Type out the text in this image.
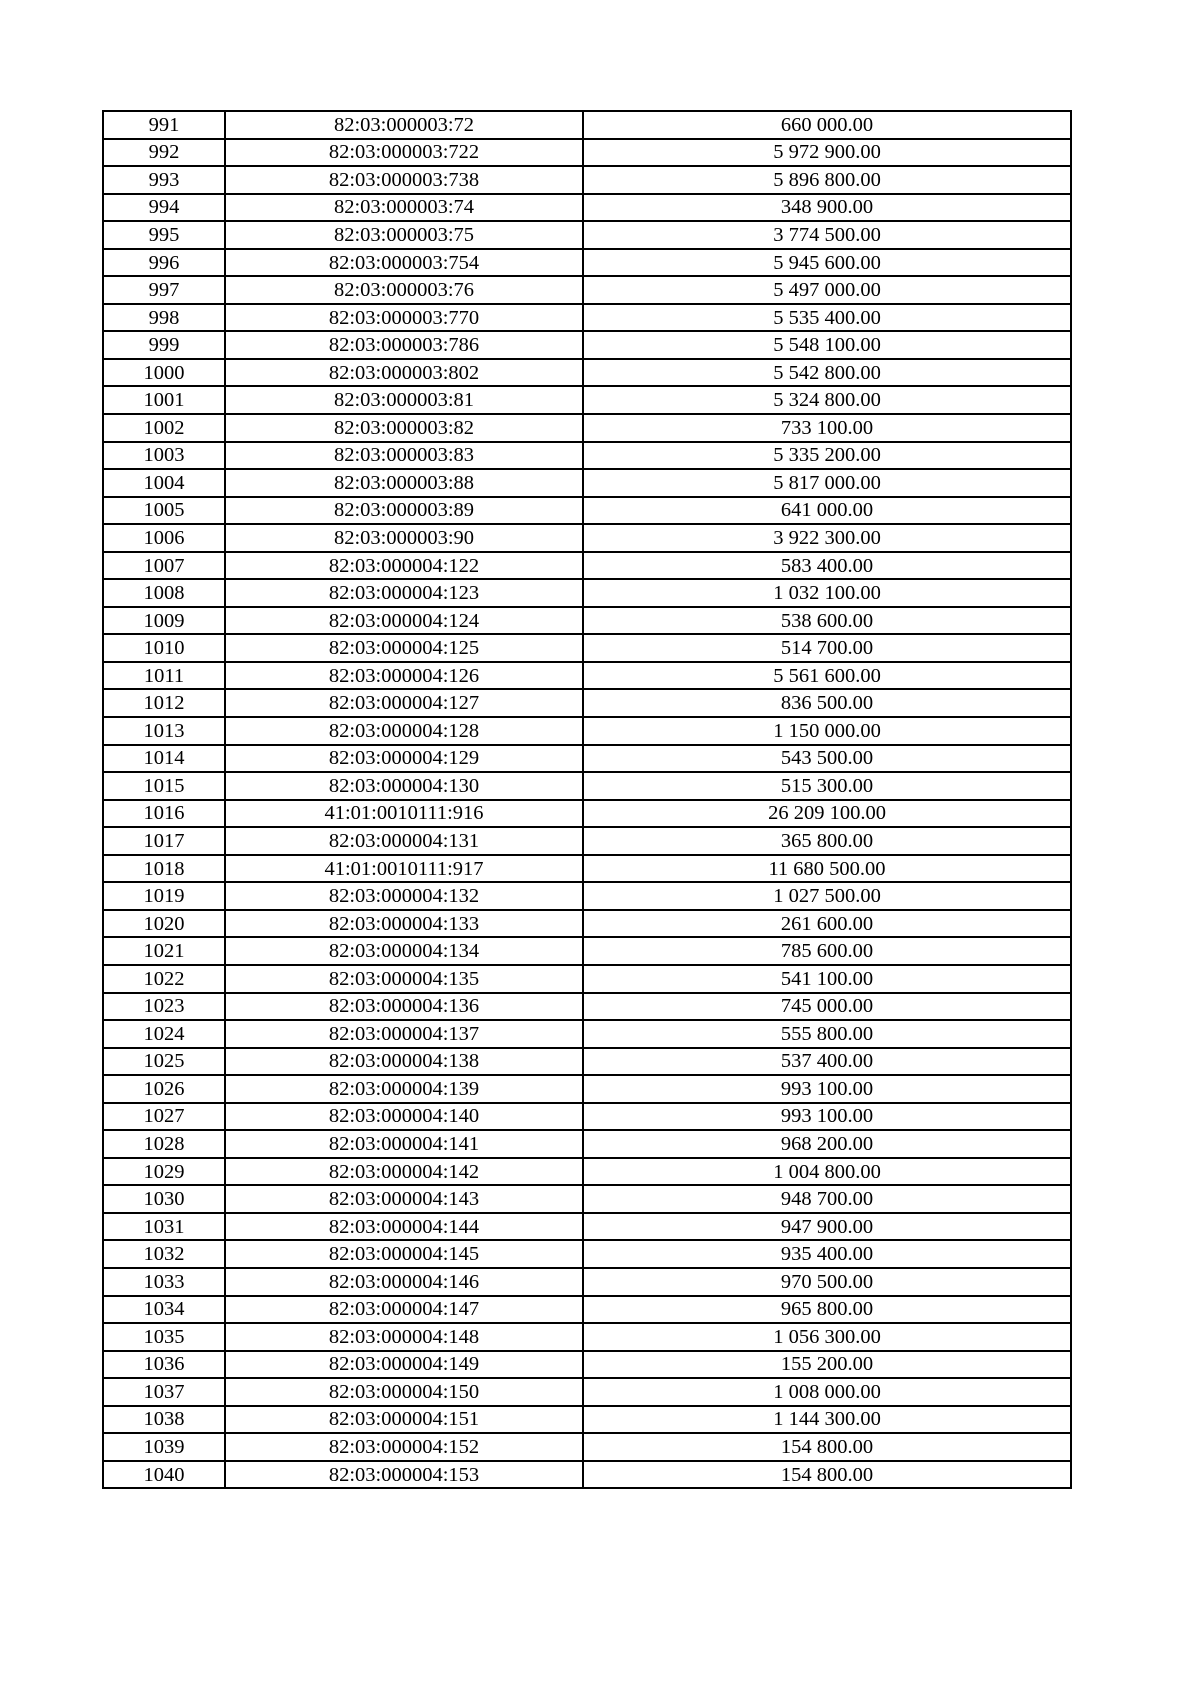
991	82:03:000003:72	660 000.00
992	82:03:000003:722	5 972 900.00
993	82:03:000003:738	5 896 800.00
994	82:03:000003:74	348 900.00
995	82:03:000003:75	3 774 500.00
996	82:03:000003:754	5 945 600.00
997	82:03:000003:76	5 497 000.00
998	82:03:000003:770	5 535 400.00
999	82:03:000003:786	5 548 100.00
1000	82:03:000003:802	5 542 800.00
1001	82:03:000003:81	5 324 800.00
1002	82:03:000003:82	733 100.00
1003	82:03:000003:83	5 335 200.00
1004	82:03:000003:88	5 817 000.00
1005	82:03:000003:89	641 000.00
1006	82:03:000003:90	3 922 300.00
1007	82:03:000004:122	583 400.00
1008	82:03:000004:123	1 032 100.00
1009	82:03:000004:124	538 600.00
1010	82:03:000004:125	514 700.00
1011	82:03:000004:126	5 561 600.00
1012	82:03:000004:127	836 500.00
1013	82:03:000004:128	1 150 000.00
1014	82:03:000004:129	543 500.00
1015	82:03:000004:130	515 300.00
1016	41:01:0010111:916	26 209 100.00
1017	82:03:000004:131	365 800.00
1018	41:01:0010111:917	11 680 500.00
1019	82:03:000004:132	1 027 500.00
1020	82:03:000004:133	261 600.00
1021	82:03:000004:134	785 600.00
1022	82:03:000004:135	541 100.00
1023	82:03:000004:136	745 000.00
1024	82:03:000004:137	555 800.00
1025	82:03:000004:138	537 400.00
1026	82:03:000004:139	993 100.00
1027	82:03:000004:140	993 100.00
1028	82:03:000004:141	968 200.00
1029	82:03:000004:142	1 004 800.00
1030	82:03:000004:143	948 700.00
1031	82:03:000004:144	947 900.00
1032	82:03:000004:145	935 400.00
1033	82:03:000004:146	970 500.00
1034	82:03:000004:147	965 800.00
1035	82:03:000004:148	1 056 300.00
1036	82:03:000004:149	155 200.00
1037	82:03:000004:150	1 008 000.00
1038	82:03:000004:151	1 144 300.00
1039	82:03:000004:152	154 800.00
1040	82:03:000004:153	154 800.00
